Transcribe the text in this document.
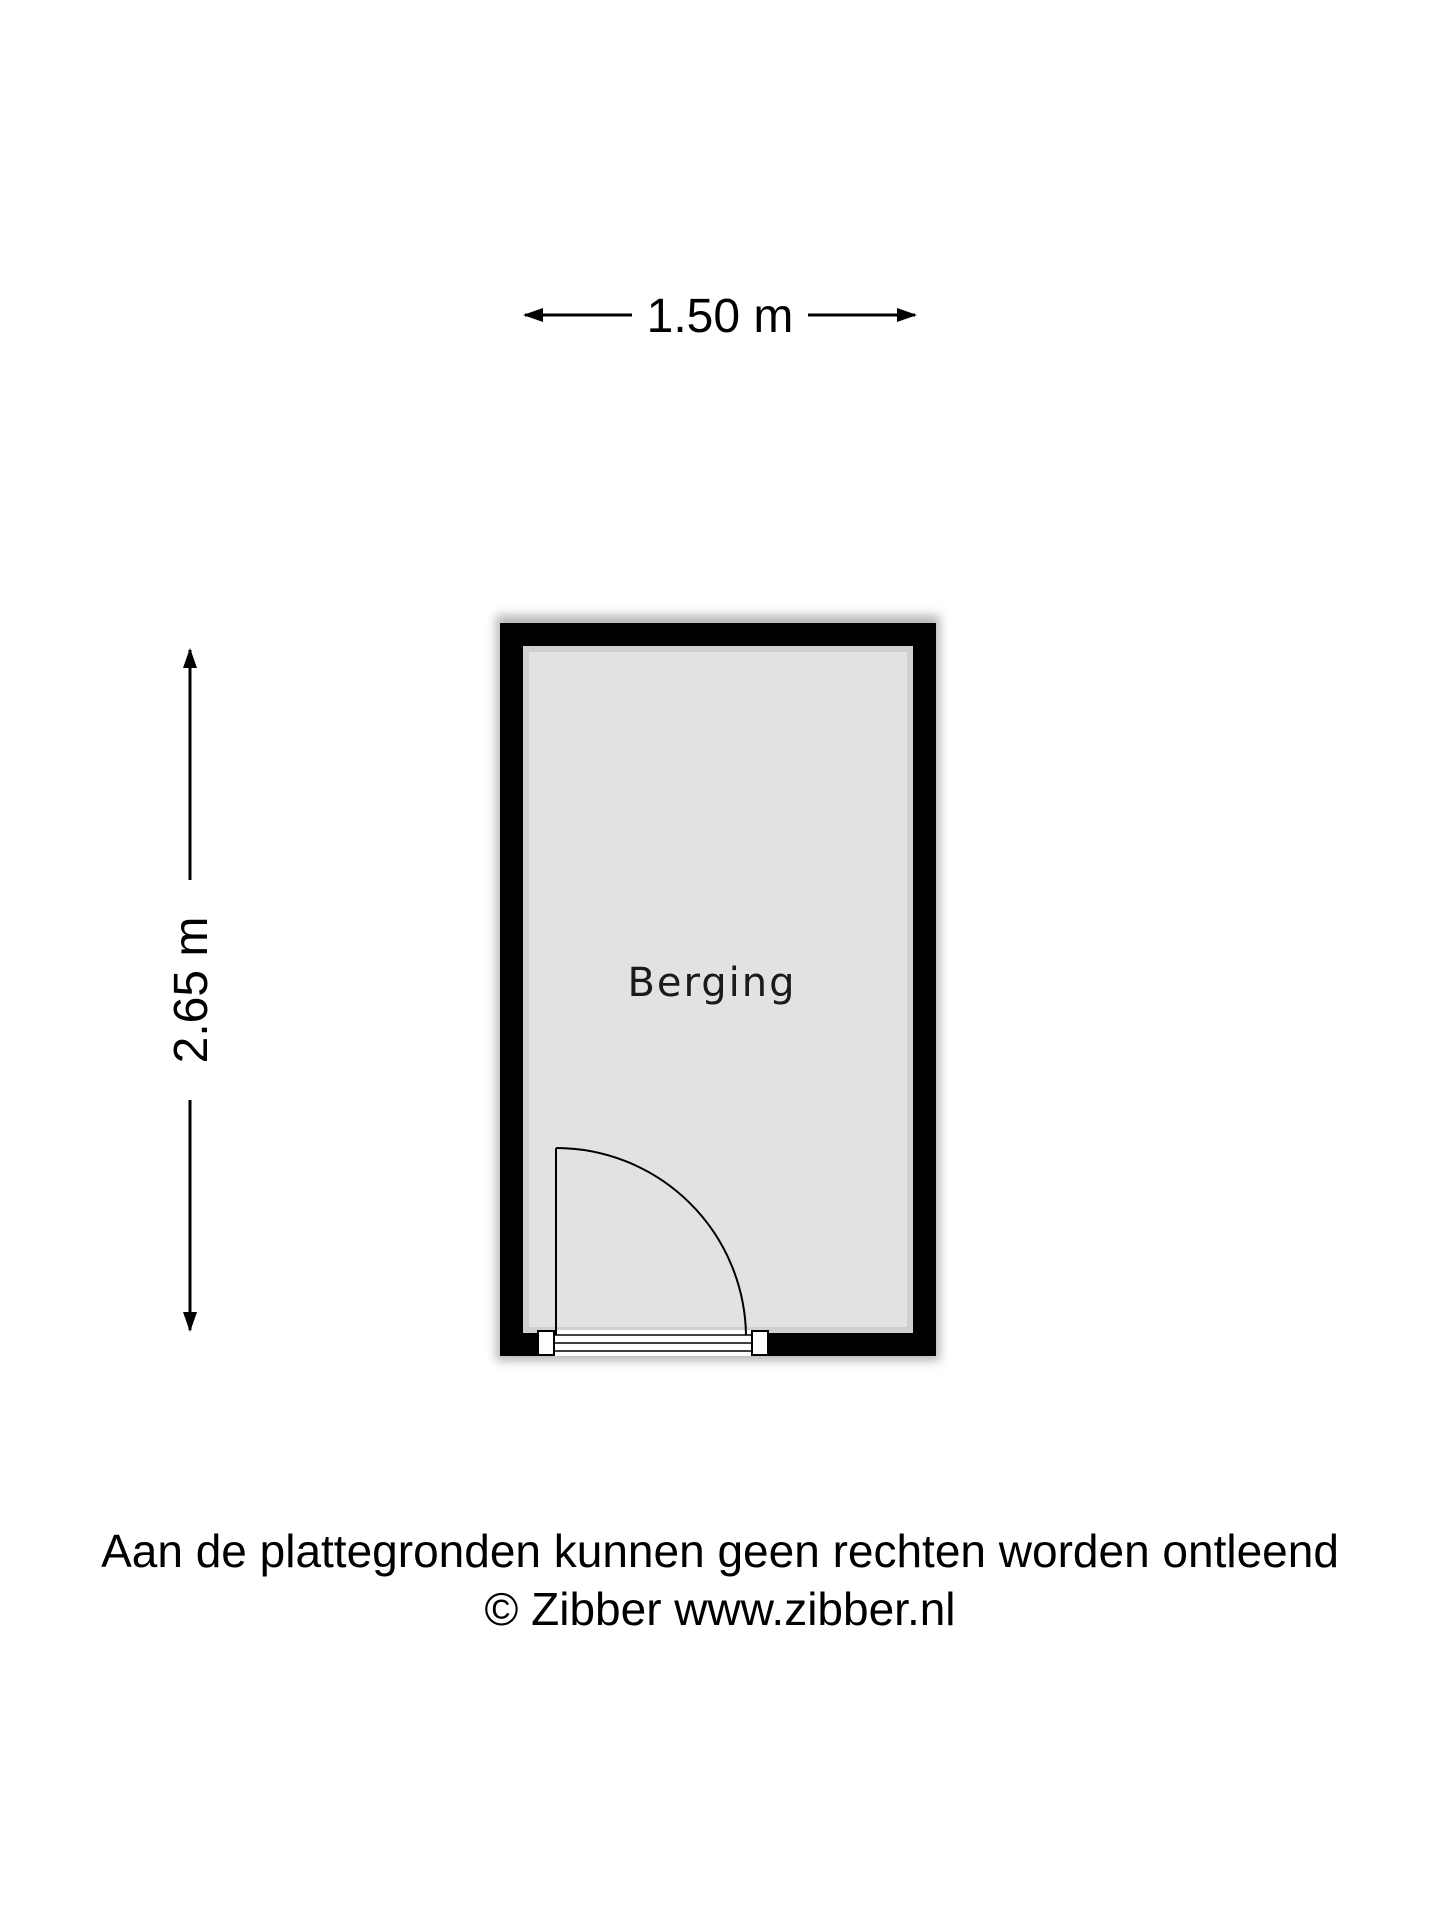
1.50 m
2.65 m	Berging
Aan de plattegronden kunnen geen rechten worden ontleend
© Zibber www.zibber.nl
